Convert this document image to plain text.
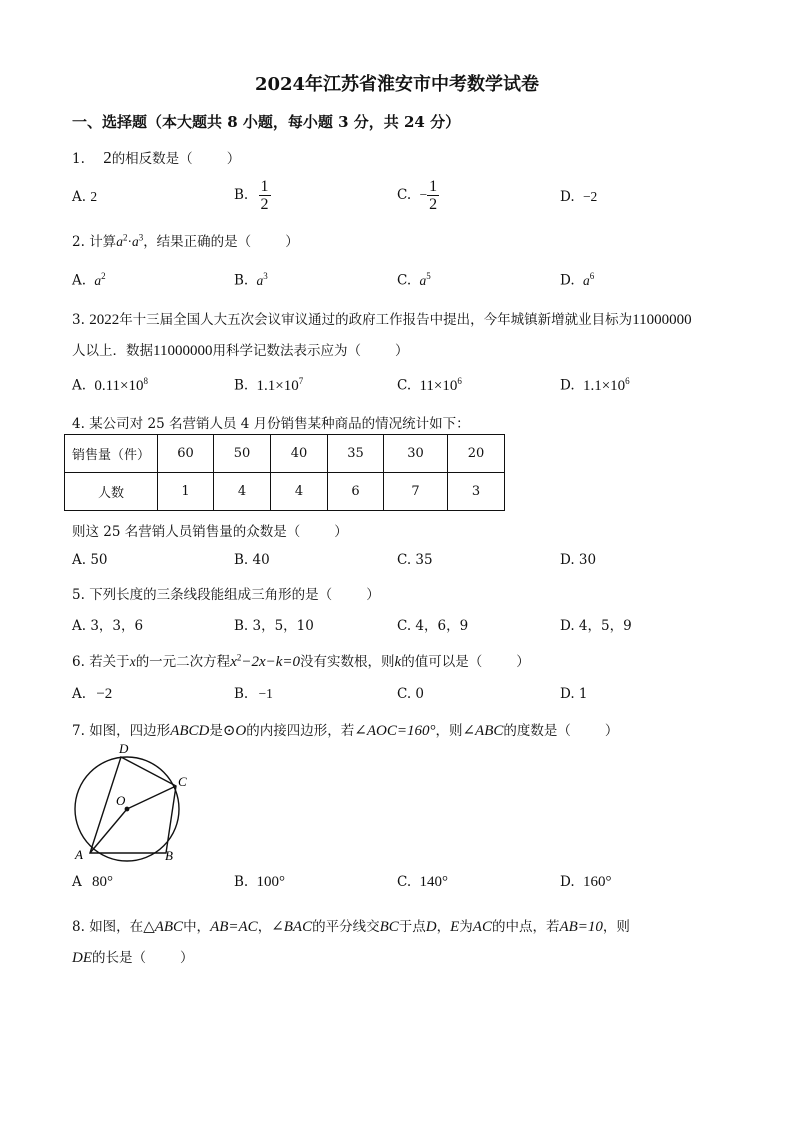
2024年江苏省淮安市中考数学试卷
一、选择题（本大题共 8 小题，每小题 3 分，共 24 分）
1. 2的相反数是（	）
A. 2	B. $\frac{1}{2}$	C. − $\frac{1}{2}$	D. −2
2. 计算$a^2\cdot a^3$，结果正确的是（	）
A. $a^2$	B. $a^3$	C. $a^5$	D. $a^6$
3. 2022年十三届全国人大五次会议审议通过的政府工作报告中提出，今年城镇新增就业目标为11000000
人以上．数据11000000用科学记数法表示应为（	）
A. $0.11\times 10^8$	B. $1.1\times 10^7$	C. $11\times 10^6$	D. $1.1\times 10^6$
4. 某公司对 25 名营销人员 4 月份销售某种商品的情况统计如下：
销售量（件）	60	50	40	35	30	20
人数	1	4	4	6	7	3
则这 25 名营销人员销售量的众数是（	）
A. 50	B. 40	C. 35	D. 30
5. 下列长度的三条线段能组成三角形的是（	）
A. 3，3，6	B. 3，5，10	C. 4，6，9	D. 4，5，9
6. 若关于x的一元二次方程$x^2-2x-k=0$没有实数根，则k的值可以是（	）
A. −2	B. −1	C. 0	D. 1
7. 如图，四边形ABCD是⊙O的内接四边形，若∠AOC=160°，则∠ABC的度数是（	）
A	B
C
D
O
A 80°	B. 100°	C. 140°	D. 160°
8. 如图，在△ABC中，AB=AC，∠BAC的平分线交BC于点D，E为AC的中点，若AB=10，则
DE的长是（	）
